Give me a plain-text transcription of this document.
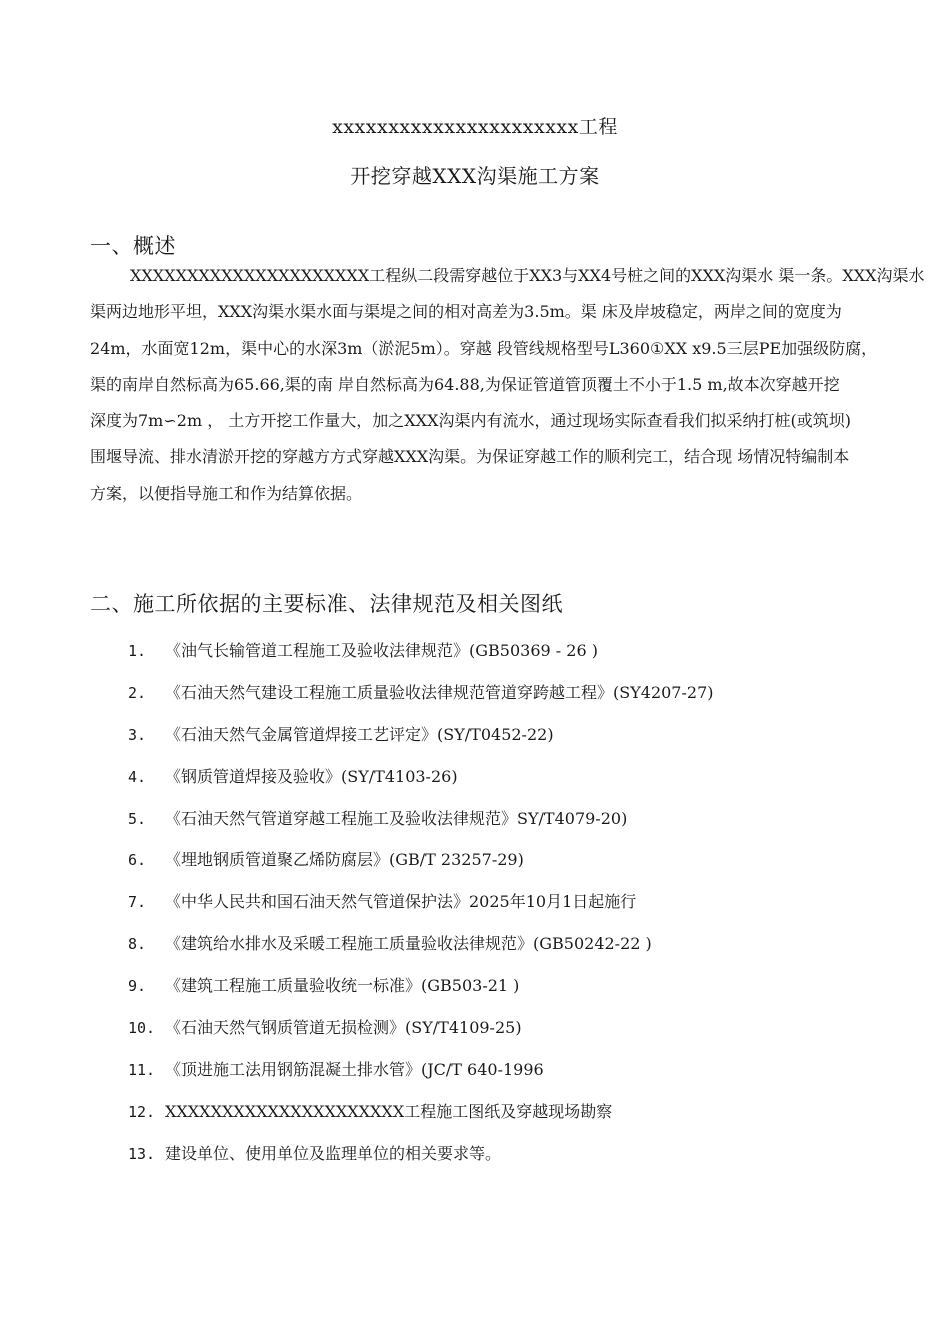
xxxxxxxxxxxxxxxxxxxxxx工程
开挖穿越XXX沟渠施工方案
一、概述
XXXXXXXXXXXXXXXXXXXXX工程纵二段需穿越位于XX3与XX4号桩之间的XXX沟渠水 渠一条。XXX沟渠水
渠两边地形平坦，XXX沟渠水渠水面与渠堤之间的相对高差为3.5m。渠 床及岸坡稳定，两岸之间的宽度为
24m，水面宽12m，渠中心的水深3m（淤泥5m）。穿越 段管线规格型号L360①XX x9.5三层PE加强级防腐，
渠的南岸自然标高为65.66,渠的南 岸自然标高为64.88,为保证管道管顶覆土不小于1.5 m,故本次穿越开挖
深度为7m∽2m ， 土方开挖工作量大，加之XXX沟渠内有流水，通过现场实际查看我们拟采纳打桩(或筑坝)
围堰导流、排水清淤开挖的穿越方方式穿越XXX沟渠。为保证穿越工作的顺利完工，结合现 场情况特编制本
方案，以便指导施工和作为结算依据。
二、施工所依据的主要标准、法律规范及相关图纸
1.	《油气长输管道工程施工及验收法律规范》(GB50369 - 26 )
2.	《石油天然气建设工程施工质量验收法律规范管道穿跨越工程》(SY4207-27)
3.	《石油天然气金属管道焊接工艺评定》(SY/T0452-22)
4.	《钢质管道焊接及验收》(SY/T4103-26)
5.	《石油天然气管道穿越工程施工及验收法律规范》SY/T4079-20)
6.	《埋地钢质管道聚乙烯防腐层》(GB/T 23257-29)
7.	《中华人民共和国石油天然气管道保护法》2025年10月1日起施行
8.	《建筑给水排水及采暖工程施工质量验收法律规范》(GB50242-22 )
9.	《建筑工程施工质量验收统一标准》(GB503-21 )
10. 《石油天然气钢质管道无损检测》(SY/T4109-25)
11. 《顶进施工法用钢筋混凝土排水管》(JC/T 640-1996
12. XXXXXXXXXXXXXXXXXXXXX工程施工图纸及穿越现场勘察
13. 建设单位、使用单位及监理单位的相关要求等。
